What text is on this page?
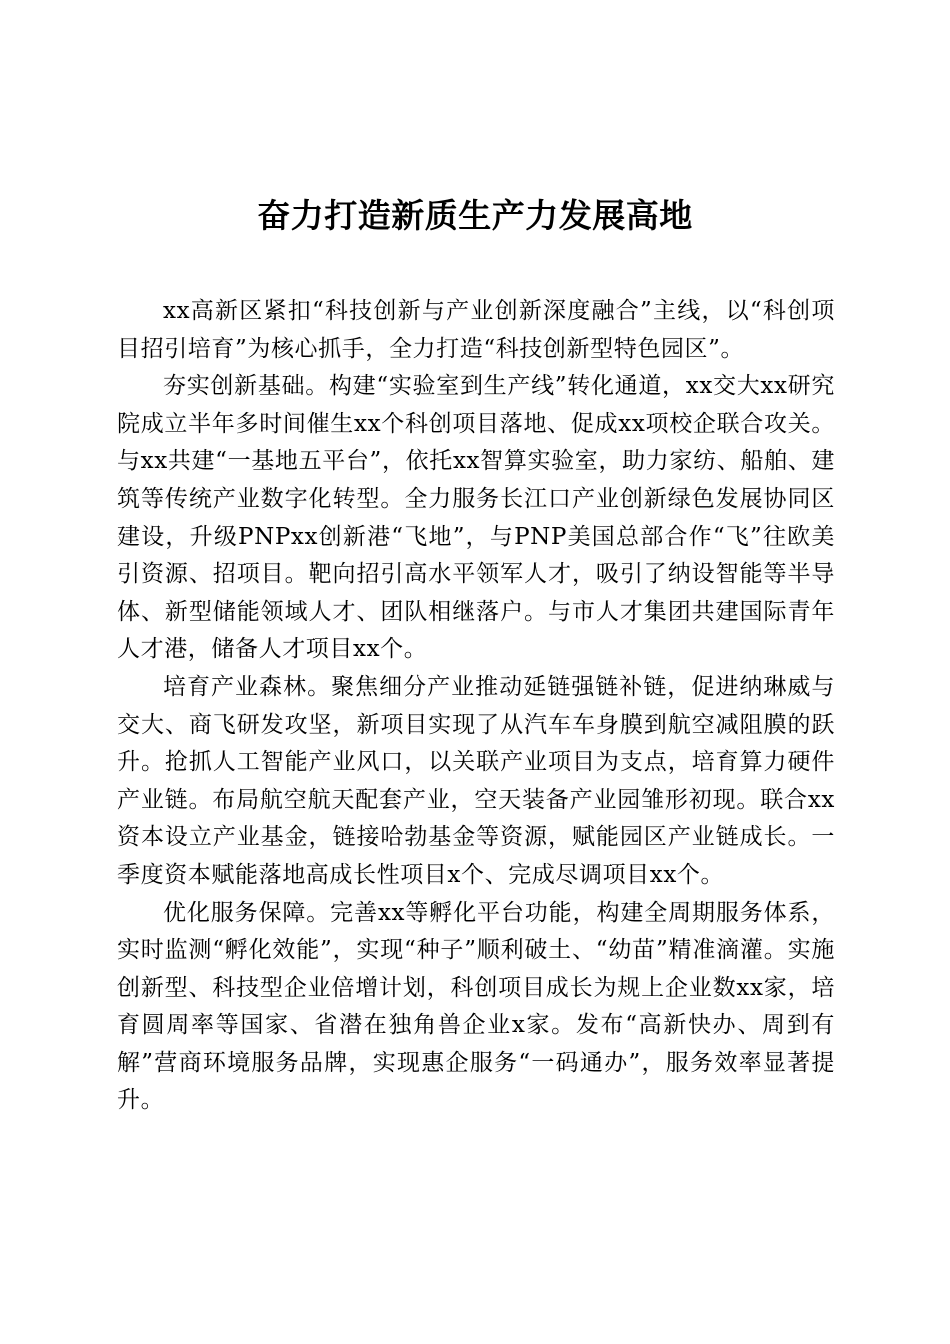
奋力打造新质生产力发展高地

xx高新区紧扣“科技创新与产业创新深度融合”主线，以“科创项目招引培育”为核心抓手，全力打造“科技创新型特色园区”。

夯实创新基础。构建“实验室到生产线”转化通道，xx交大xx研究院成立半年多时间催生xx个科创项目落地、促成xx项校企联合攻关。与xx共建“一基地五平台”，依托xx智算实验室，助力家纺、船舶、建筑等传统产业数字化转型。全力服务长江口产业创新绿色发展协同区建设，升级PNPxx创新港“飞地”，与PNP美国总部合作“飞”往欧美引资源、招项目。靶向招引高水平领军人才，吸引了纳设智能等半导体、新型储能领域人才、团队相继落户。与市人才集团共建国际青年人才港，储备人才项目xx个。

培育产业森林。聚焦细分产业推动延链强链补链，促进纳琳威与交大、商飞研发攻坚，新项目实现了从汽车车身膜到航空减阻膜的跃升。抢抓人工智能产业风口，以关联产业项目为支点，培育算力硬件产业链。布局航空航天配套产业，空天装备产业园雏形初现。联合xx资本设立产业基金，链接哈勃基金等资源，赋能园区产业链成长。一季度资本赋能落地高成长性项目x个、完成尽调项目xx个。

优化服务保障。完善xx等孵化平台功能，构建全周期服务体系，实时监测“孵化效能”，实现“种子”顺利破土、“幼苗”精准滴灌。实施创新型、科技型企业倍增计划，科创项目成长为规上企业数xx家，培育圆周率等国家、省潜在独角兽企业x家。发布“高新快办、周到有解”营商环境服务品牌，实现惠企服务“一码通办”，服务效率显著提升。
